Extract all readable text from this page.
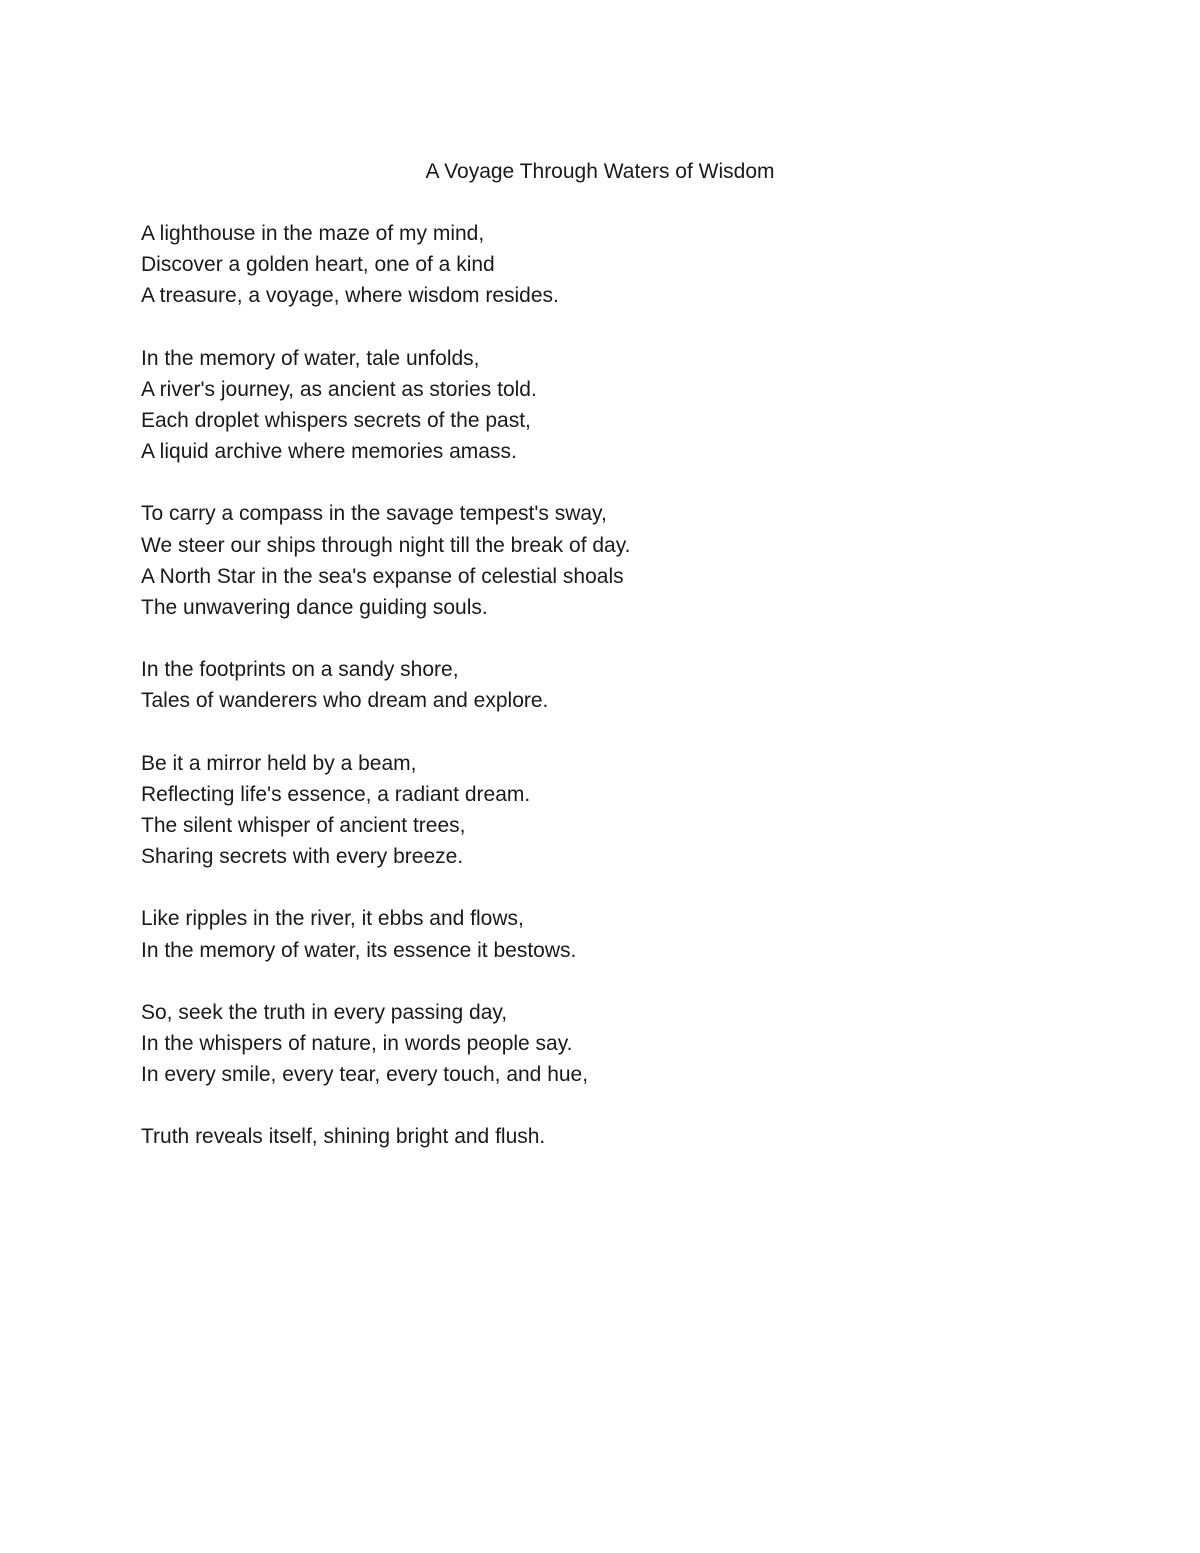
A Voyage Through Waters of Wisdom
A lighthouse in the maze of my mind,
Discover a golden heart, one of a kind
A treasure, a voyage, where wisdom resides.
In the memory of water, tale unfolds,
A river's journey, as ancient as stories told.
Each droplet whispers secrets of the past,
A liquid archive where memories amass.
To carry a compass in the savage tempest's sway,
We steer our ships through night till the break of day.
A North Star in the sea's expanse of celestial shoals
The unwavering dance guiding souls.
In the footprints on a sandy shore,
Tales of wanderers who dream and explore.
Be it a mirror held by a beam,
Reflecting life's essence, a radiant dream.
The silent whisper of ancient trees,
Sharing secrets with every breeze.
Like ripples in the river, it ebbs and flows,
In the memory of water, its essence it bestows.
So, seek the truth in every passing day,
In the whispers of nature, in words people say.
In every smile, every tear, every touch, and hue,
Truth reveals itself, shining bright and flush.
